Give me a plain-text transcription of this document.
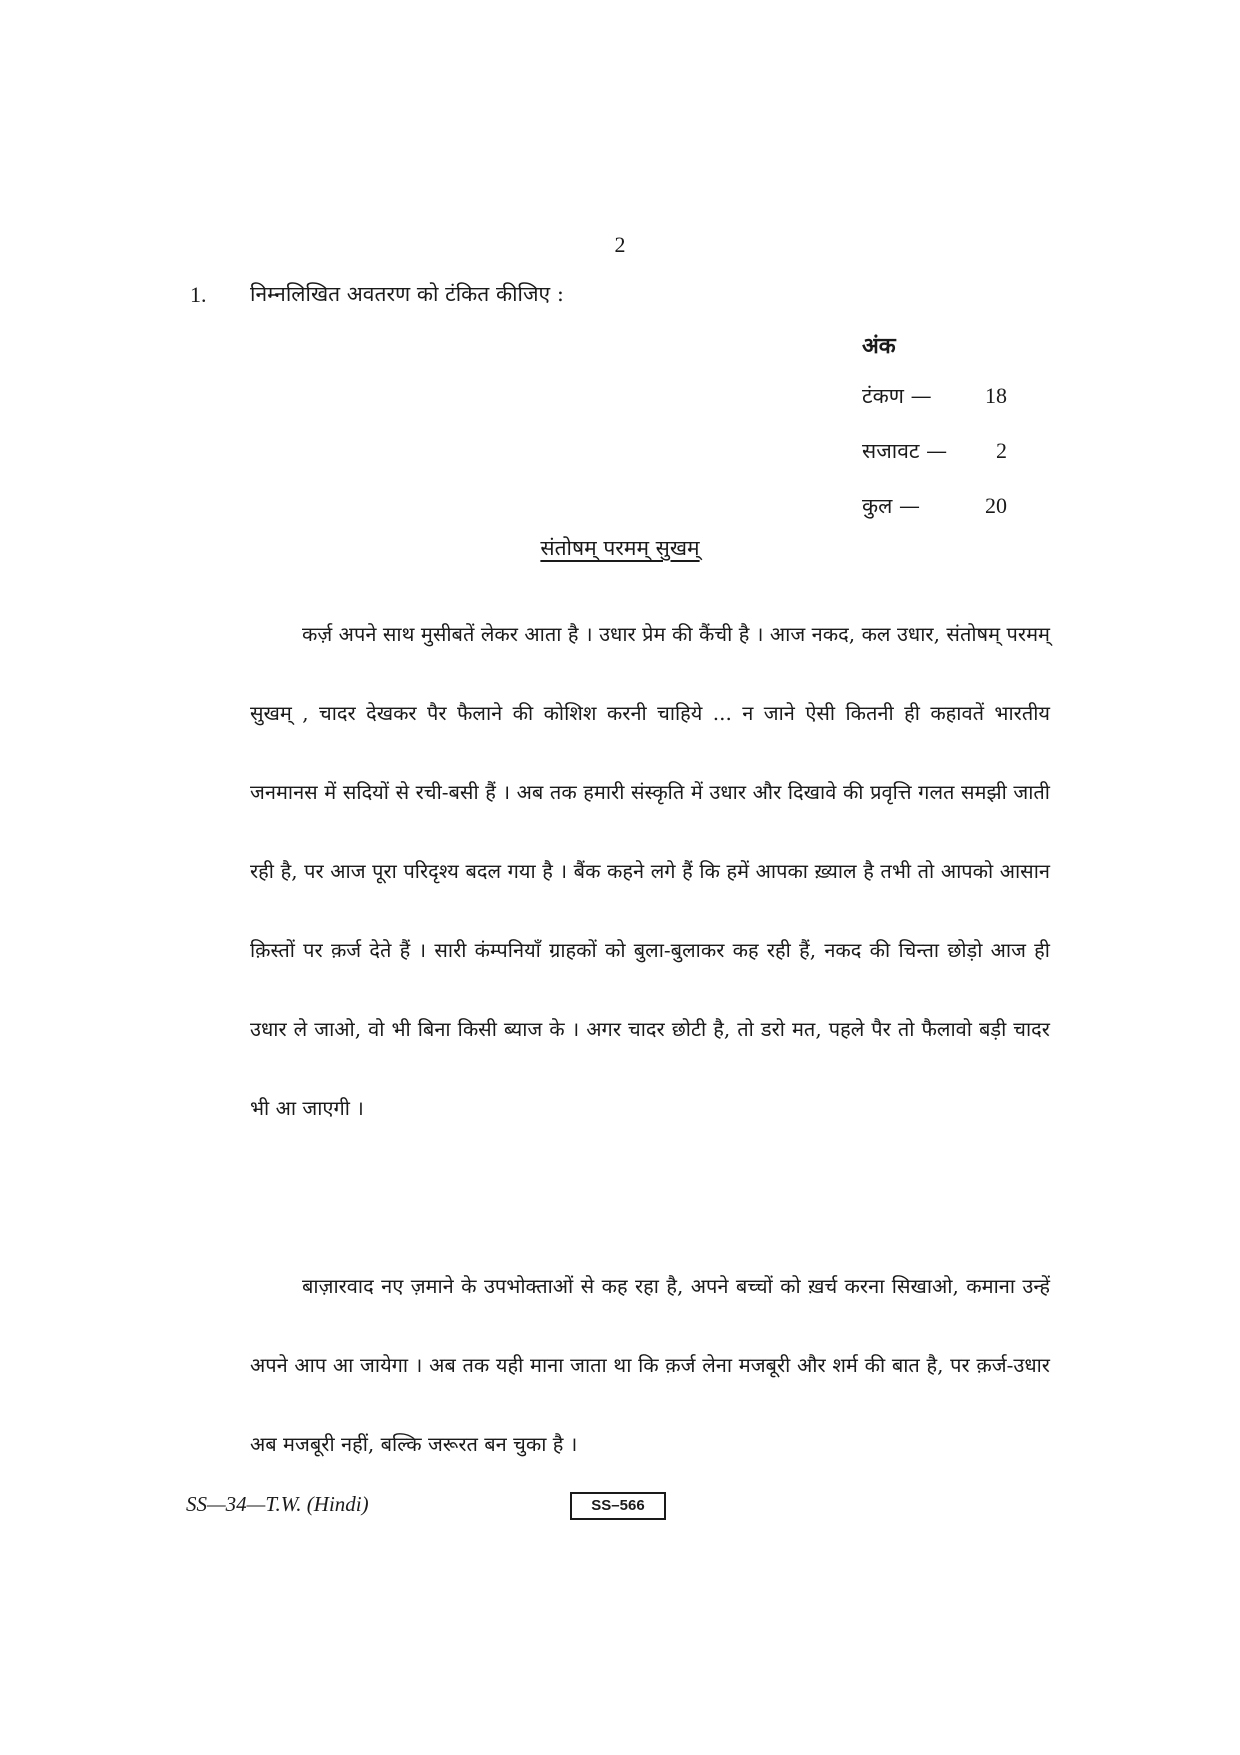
2
1. निम्नलिखित अवतरण को टंकित कीजिए :
अंक
टंकण — 18
सजावट — 2
कुल —	20
संतोषम् परमम् सुखम्

कर्ज़ अपने साथ मुसीबतें लेकर आता है । उधार प्रेम की कैंची है । आज नकद, कल उधार, संतोषम् परमम् सुखम् , चादर देखकर पैर फैलाने की कोशिश करनी चाहिये ... न जाने ऐसी कितनी ही कहावतें भारतीय जनमानस में सदियों से रची-बसी हैं । अब तक हमारी संस्कृति में उधार और दिखावे की प्रवृत्ति गलत समझी जाती रही है, पर आज पूरा परिदृश्य बदल गया है । बैंक कहने लगे हैं कि हमें आपका ख़्याल है तभी तो आपको आसान क़िस्तों पर क़र्ज देते हैं । सारी कंम्पनियाँ ग्राहकों को बुला-बुलाकर कह रही हैं, नकद की चिन्ता छोड़ो आज ही उधार ले जाओ, वो भी बिना किसी ब्याज के । अगर चादर छोटी है, तो डरो मत, पहले पैर तो फैलावो बड़ी चादर भी आ जाएगी ।

बाज़ारवाद नए ज़माने के उपभोक्ताओं से कह रहा है, अपने बच्चों को ख़र्च करना सिखाओ, कमाना उन्हें अपने आप आ जायेगा । अब तक यही माना जाता था कि क़र्ज लेना मजबूरी और शर्म की बात है, पर क़र्ज-उधार अब मजबूरी नहीं, बल्कि जरूरत बन चुका है ।

SS—34—T.W. (Hindi)	SS–566
